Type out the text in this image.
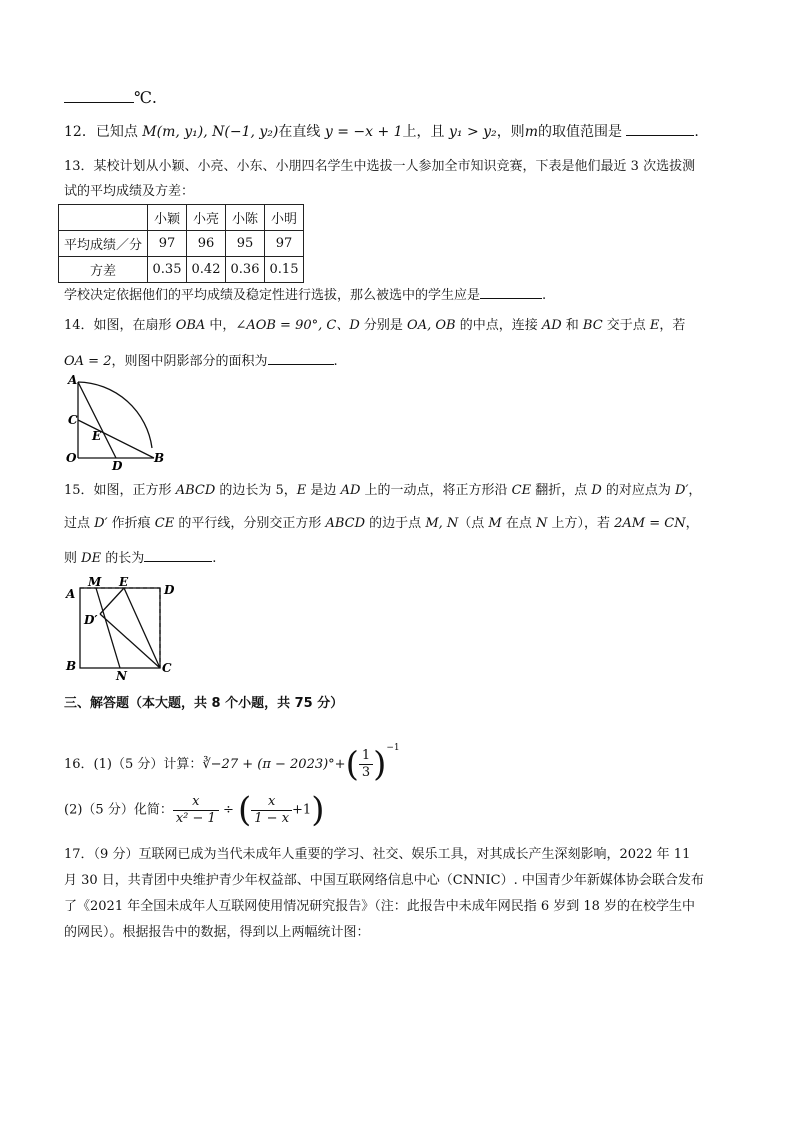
℃.
12．已知点 M(m, y₁), N(−1, y₂)在直线 y = −x + 1上，且 y₁ > y₂，则m的取值范围是	.
13．某校计划从小颖、小亮、小东、小朋四名学生中选拔一人参加全市知识竞赛，下表是他们最近 3 次选拔测
试的平均成绩及方差：
	小颖	小亮	小陈	小明
平均成绩／分	97	96	95	97
方差	0.35	0.42	0.36	0.15
学校决定依据他们的平均成绩及稳定性进行选拔，那么被选中的学生应是	.
14．如图，在扇形 OBA 中，∠AOB = 90°, C、D 分别是 OA, OB 的中点，连接 AD 和 BC 交于点 E，若
OA = 2，则图中阴影部分的面积为	.
A
C
E
O
D
B
15．如图，正方形 ABCD 的边长为 5，E 是边 AD 上的一动点，将正方形沿 CE 翻折，点 D 的对应点为 D′，
过点 D′ 作折痕 CE 的平行线，分别交正方形 ABCD 的边于点 M, N（点 M 在点 N 上方），若 2AM = CN，
则 DE 的长为	.
M E
D
A
D′
B
N
C
三、解答题（本大题，共 8 个小题，共 75 分）
16．(1)（5 分）计算：∛−27 + $(\pi - 2023)^\circ+( \frac{1}{3} )^{-1}$
(2)（5 分）化简： $\frac{x}{\text{x² − 1}}$ ÷ ( $\frac{x}{1 - x} +1$)
17．（9 分）互联网已成为当代未成年人重要的学习、社交、娱乐工具，对其成长产生深刻影响，2022 年 11
月 30 日，共青团中央维护青少年权益部、中国互联网络信息中心（CNNIC）. 中国青少年新媒体协会联合发布
了《2021 年全国未成年人互联网使用情况研究报告》（注：此报告中未成年网民指 6 岁到 18 岁的在校学生中
的网民）。根据报告中的数据，得到以上两幅统计图：
